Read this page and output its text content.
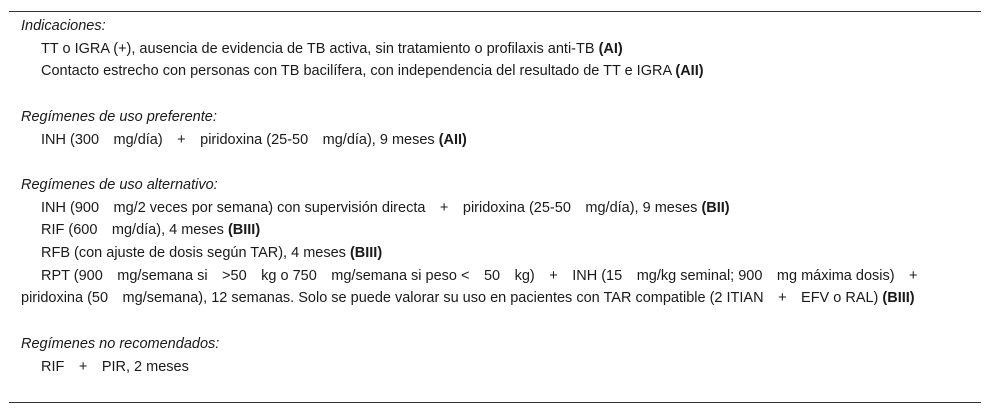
Indicaciones:

TT o IGRA (+), ausencia de evidencia de TB activa, sin tratamiento o profilaxis anti-TB (AI)

Contacto estrecho con personas con TB bacilífera, con independencia del resultado de TT e IGRA (AII)

Regímenes de uso preferente:

INH (300 mg/día) + piridoxina (25-50 mg/día), 9 meses (AII)

Regímenes de uso alternativo:

INH (900 mg/2 veces por semana) con supervisión directa + piridoxina (25-50 mg/día), 9 meses (BII)

RIF (600 mg/día), 4 meses (BIII)

RFB (con ajuste de dosis según TAR), 4 meses (BIII)

RPT (900 mg/semana si >50 kg o 750 mg/semana si peso < 50 kg) + INH (15 mg/kg seminal; 900 mg máxima dosis) + piridoxina (50 mg/semana), 12 semanas. Solo se puede valorar su uso en pacientes con TAR compatible (2 ITIAN + EFV o RAL) (BIII)

Regímenes no recomendados:

RIF + PIR, 2 meses
